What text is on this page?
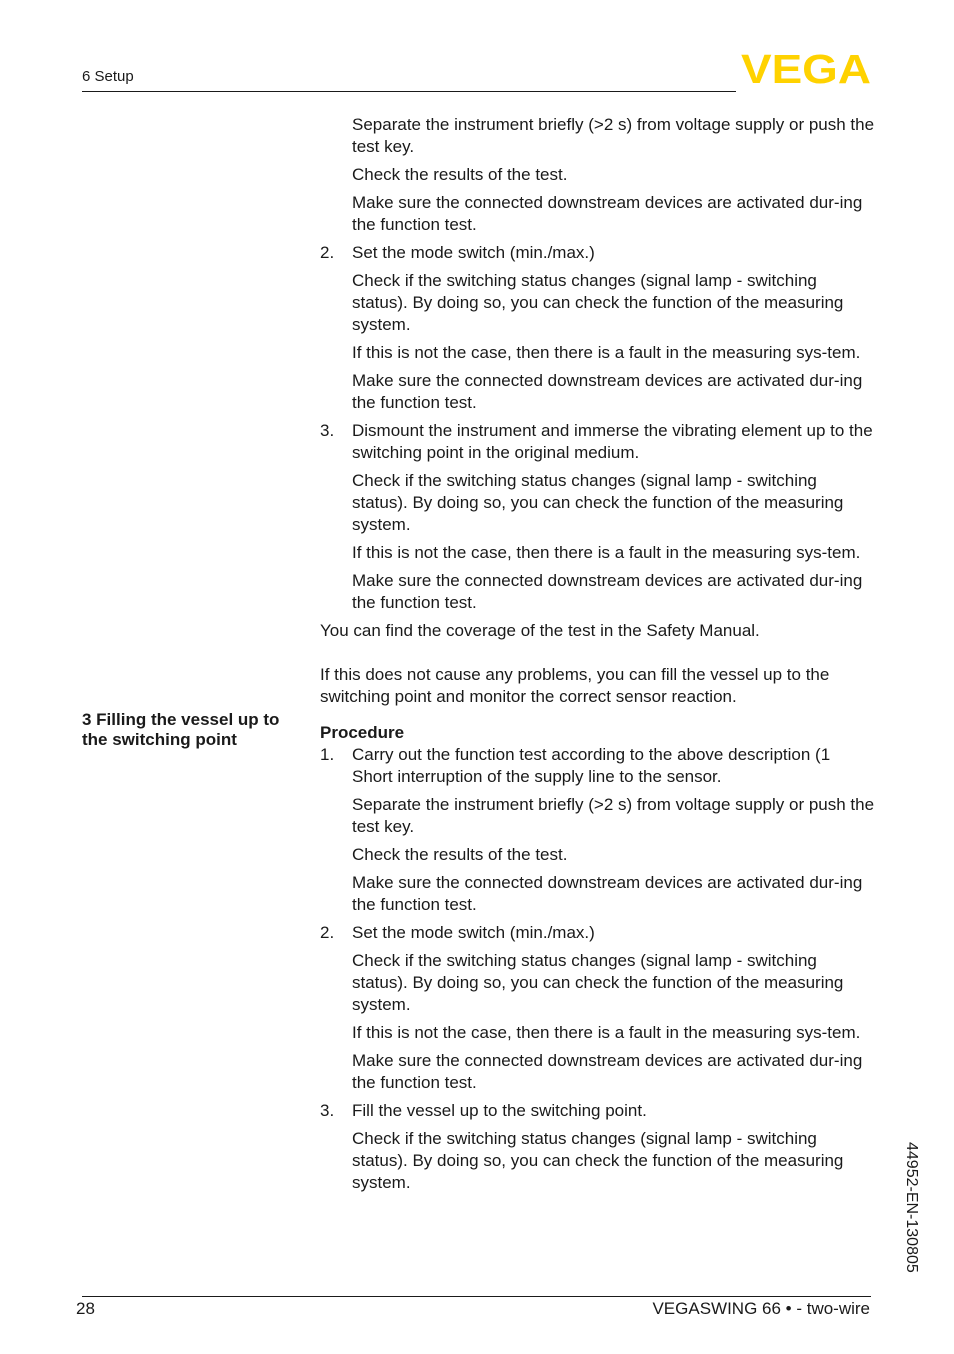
6 Setup	VEGA
3 Filling the vessel up to the switching point

Separate the instrument briefly (>2 s) from voltage supply or push the test key.

Check the results of the test.

Make sure the connected downstream devices are activated dur-ing the function test.

2. Set the mode switch (min./max.)

Check if the switching status changes (signal lamp - switching status). By doing so, you can check the function of the measuring system.

If this is not the case, then there is a fault in the measuring sys-tem.

Make sure the connected downstream devices are activated dur-ing the function test.

3. Dismount the instrument and immerse the vibrating element up to the switching point in the original medium.

Check if the switching status changes (signal lamp - switching status). By doing so, you can check the function of the measuring system.

If this is not the case, then there is a fault in the measuring sys-tem.

Make sure the connected downstream devices are activated dur-ing the function test.

You can find the coverage of the test in the Safety Manual.

If this does not cause any problems, you can fill the vessel up to the switching point and monitor the correct sensor reaction.

Procedure

1. Carry out the function test according to the above description (1 Short interruption of the supply line to the sensor.

Separate the instrument briefly (>2 s) from voltage supply or push the test key.

Check the results of the test.

Make sure the connected downstream devices are activated dur-ing the function test.

2. Set the mode switch (min./max.)

Check if the switching status changes (signal lamp - switching status). By doing so, you can check the function of the measuring system.

If this is not the case, then there is a fault in the measuring sys-tem.

Make sure the connected downstream devices are activated dur-ing the function test.

3. Fill the vessel up to the switching point.

Check if the switching status changes (signal lamp - switching status). By doing so, you can check the function of the measuring system.	44952-EN-130805
28	VEGASWING 66 • - two-wire
